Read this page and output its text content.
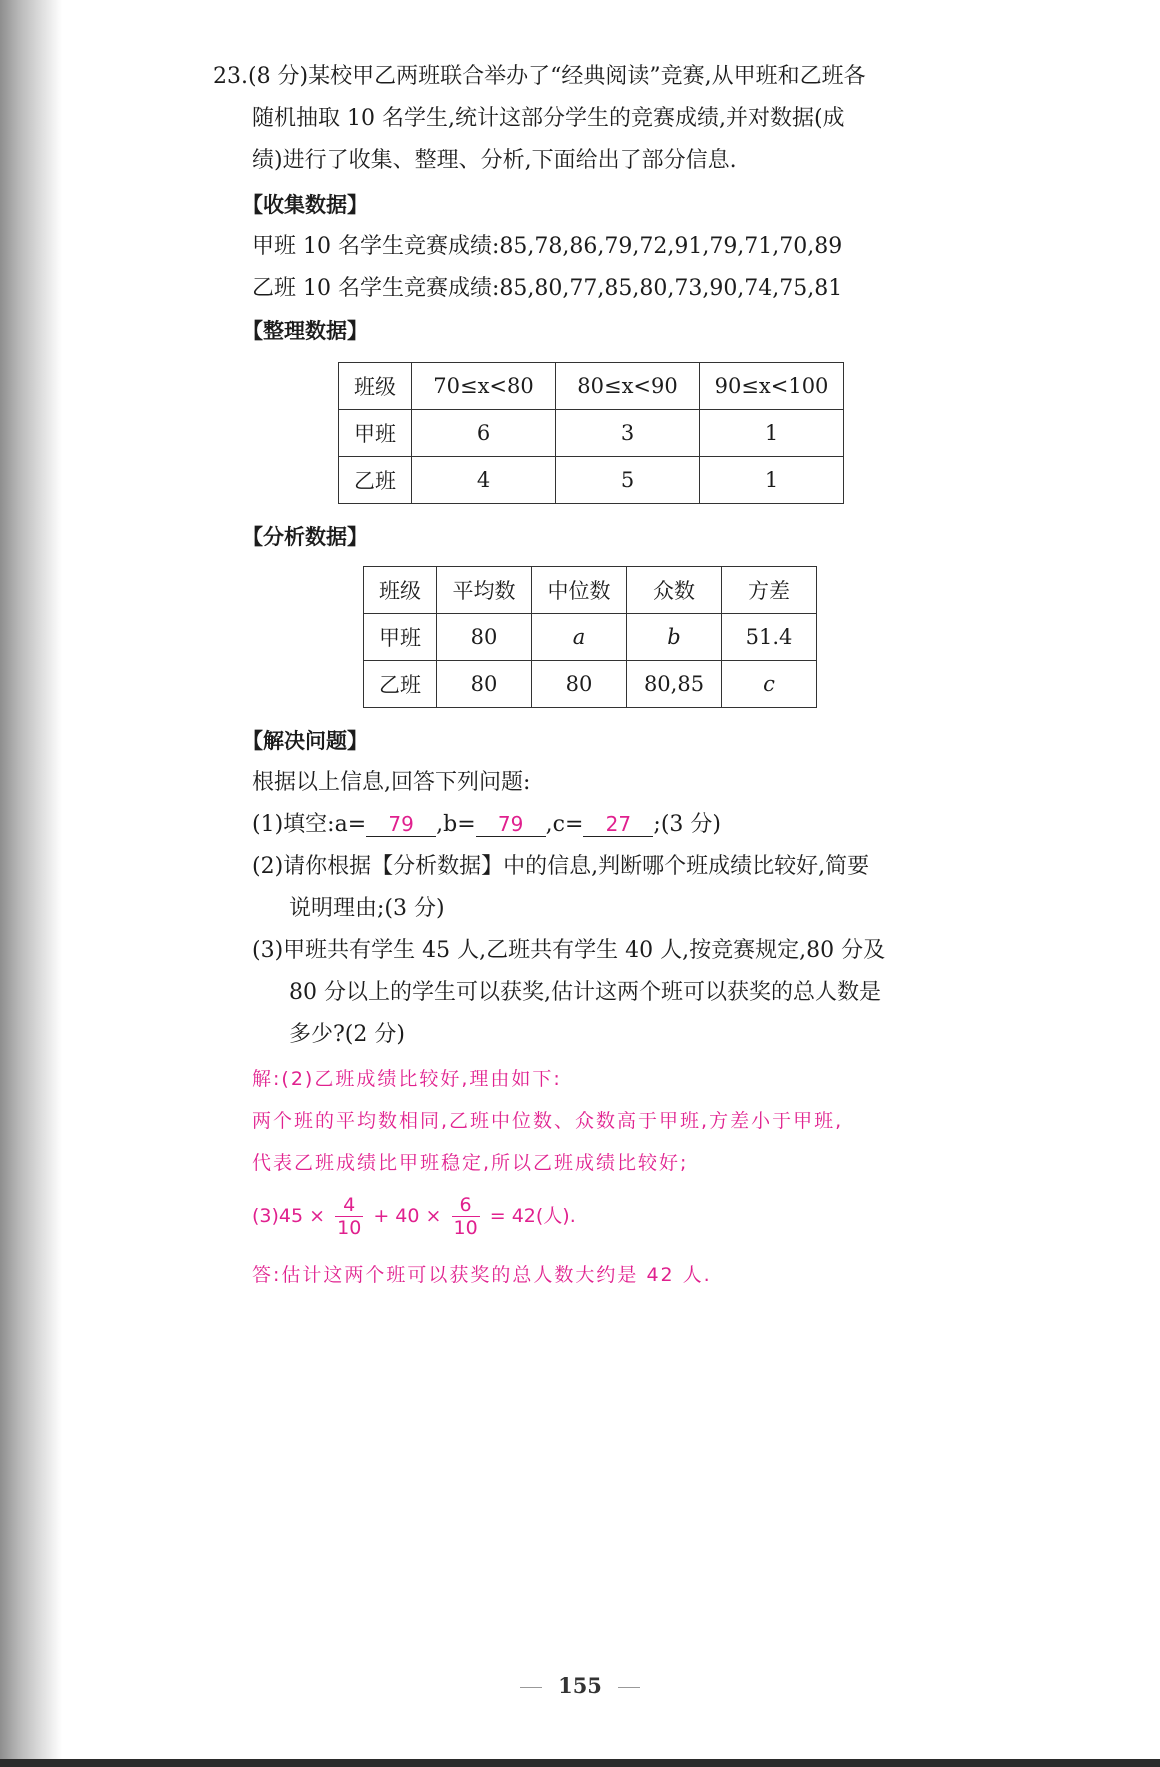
23.(8 分)某校甲乙两班联合举办了“经典阅读”竞赛,从甲班和乙班各
随机抽取 10 名学生,统计这部分学生的竞赛成绩,并对数据(成
绩)进行了收集、整理、分析,下面给出了部分信息.
【收集数据】
甲班 10 名学生竞赛成绩:85,78,86,79,72,91,79,71,70,89
乙班 10 名学生竞赛成绩:85,80,77,85,80,73,90,74,75,81
【整理数据】
班级	70≤x<80	80≤x<90	90≤x<100
甲班	6	3	1
乙班	4	5	1
【分析数据】
班级	平均数	中位数	众数	方差
甲班	80	a	b	51.4
乙班	80	80	80,85	c
【解决问题】
根据以上信息,回答下列问题:
(1)填空:a= 79 ,b= 79 ,c= 27 ;(3 分)
(2)请你根据【分析数据】中的信息,判断哪个班成绩比较好,简要
说明理由;(3 分)
(3)甲班共有学生 45 人,乙班共有学生 40 人,按竞赛规定,80 分及
80 分以上的学生可以获奖,估计这两个班可以获奖的总人数是
多少?(2 分)
解:(2)乙班成绩比较好,理由如下:
两个班的平均数相同,乙班中位数、众数高于甲班,方差小于甲班,
代表乙班成绩比甲班稳定,所以乙班成绩比较好;
$(3)45 \times \frac{4}{10} + 40 \times \frac{6}{10} = 42$(人).
答:估计这两个班可以获奖的总人数大约是 42 人.
155
